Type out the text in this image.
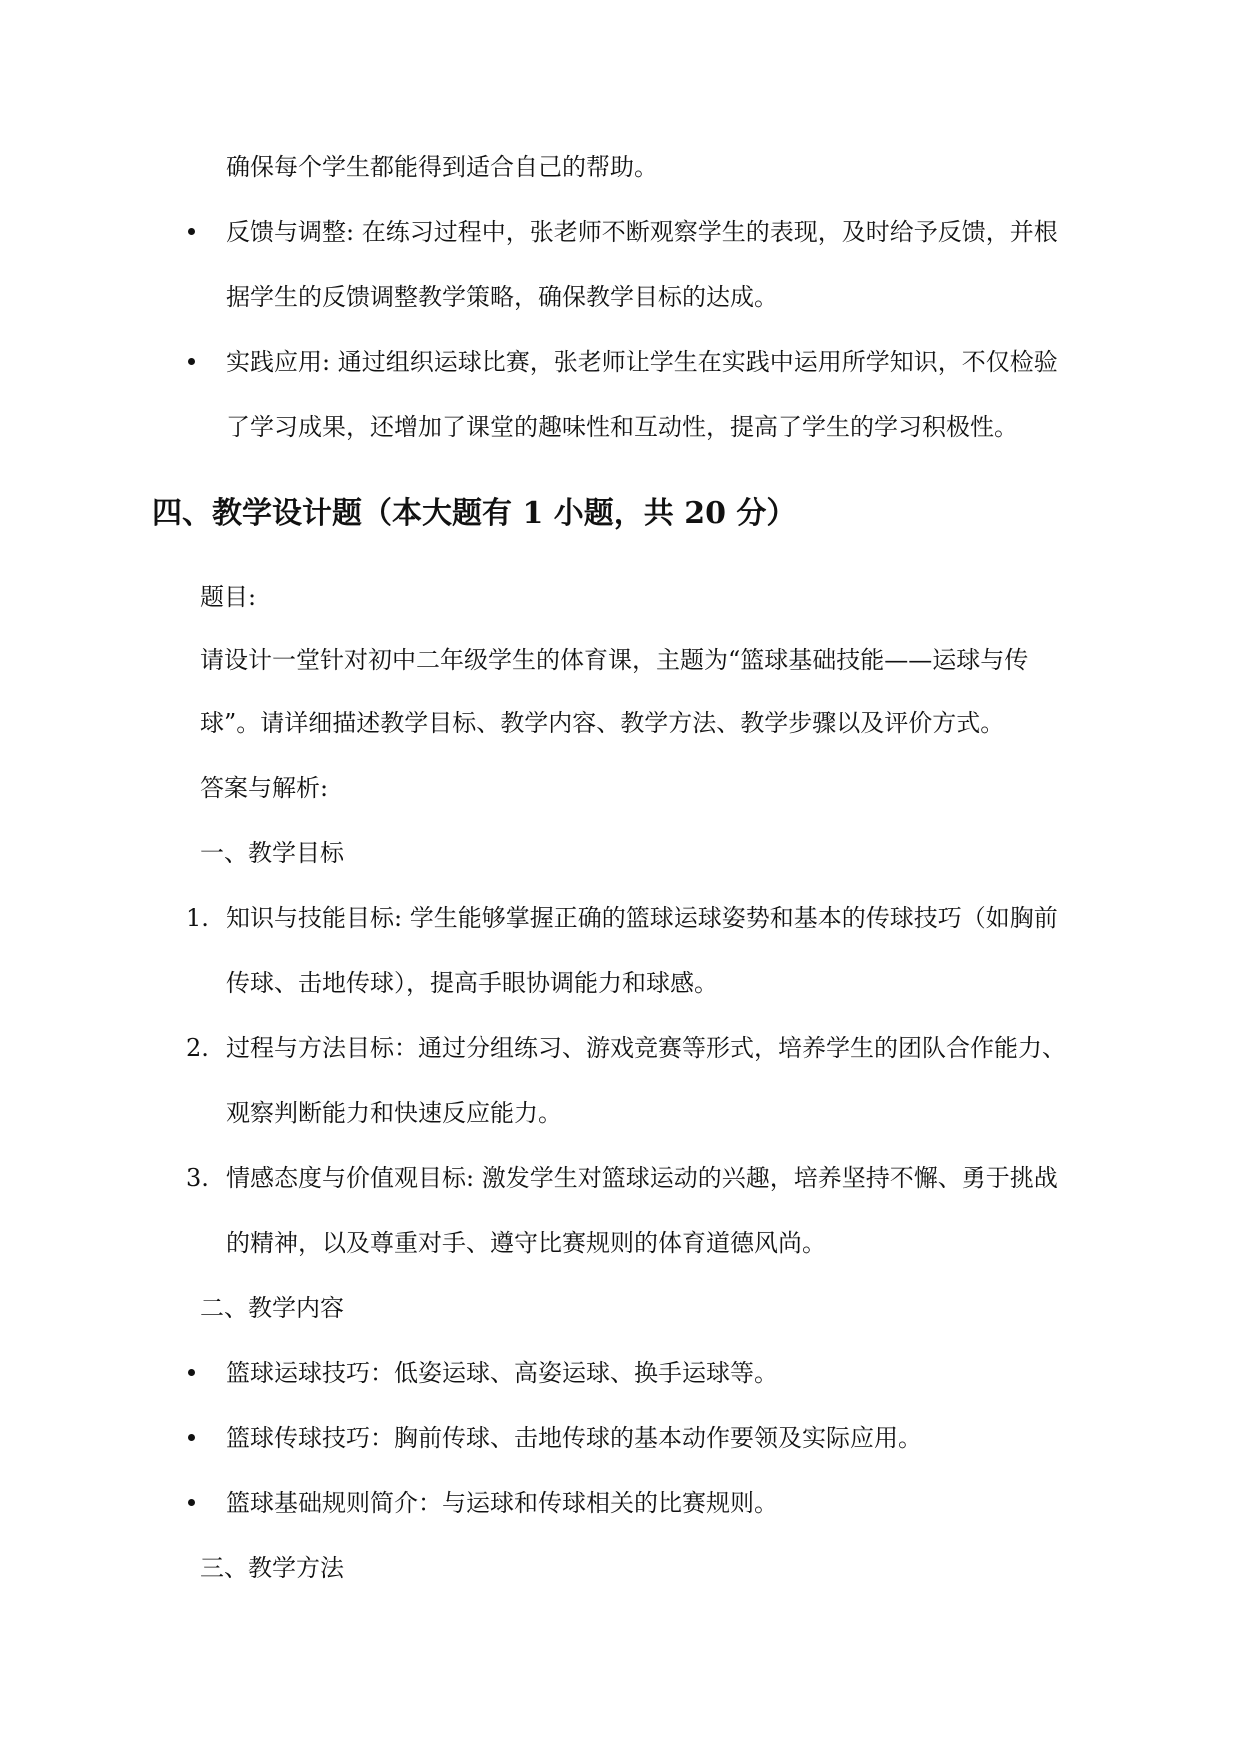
确保每个学生都能得到适合自己的帮助。
反馈与调整: 在练习过程中，张老师不断观察学生的表现，及时给予反馈，并根
据学生的反馈调整教学策略，确保教学目标的达成。
实践应用: 通过组织运球比赛，张老师让学生在实践中运用所学知识，不仅检验
了学习成果，还增加了课堂的趣味性和互动性，提高了学生的学习积极性。
四、教学设计题（本大题有 1 小题，共 20 分）
题目:
请设计一堂针对初中二年级学生的体育课，主题为“篮球基础技能——运球与传
球”。请详细描述教学目标、教学内容、教学方法、教学步骤以及评价方式。
答案与解析:
一、教学目标
1. 知识与技能目标: 学生能够掌握正确的篮球运球姿势和基本的传球技巧（如胸前
传球、击地传球），提高手眼协调能力和球感。
2. 过程与方法目标：通过分组练习、游戏竞赛等形式，培养学生的团队合作能力、
观察判断能力和快速反应能力。
3. 情感态度与价值观目标: 激发学生对篮球运动的兴趣，培养坚持不懈、勇于挑战
的精神，以及尊重对手、遵守比赛规则的体育道德风尚。
二、教学内容
篮球运球技巧：低姿运球、高姿运球、换手运球等。
篮球传球技巧：胸前传球、击地传球的基本动作要领及实际应用。
篮球基础规则简介：与运球和传球相关的比赛规则。
三、教学方法
